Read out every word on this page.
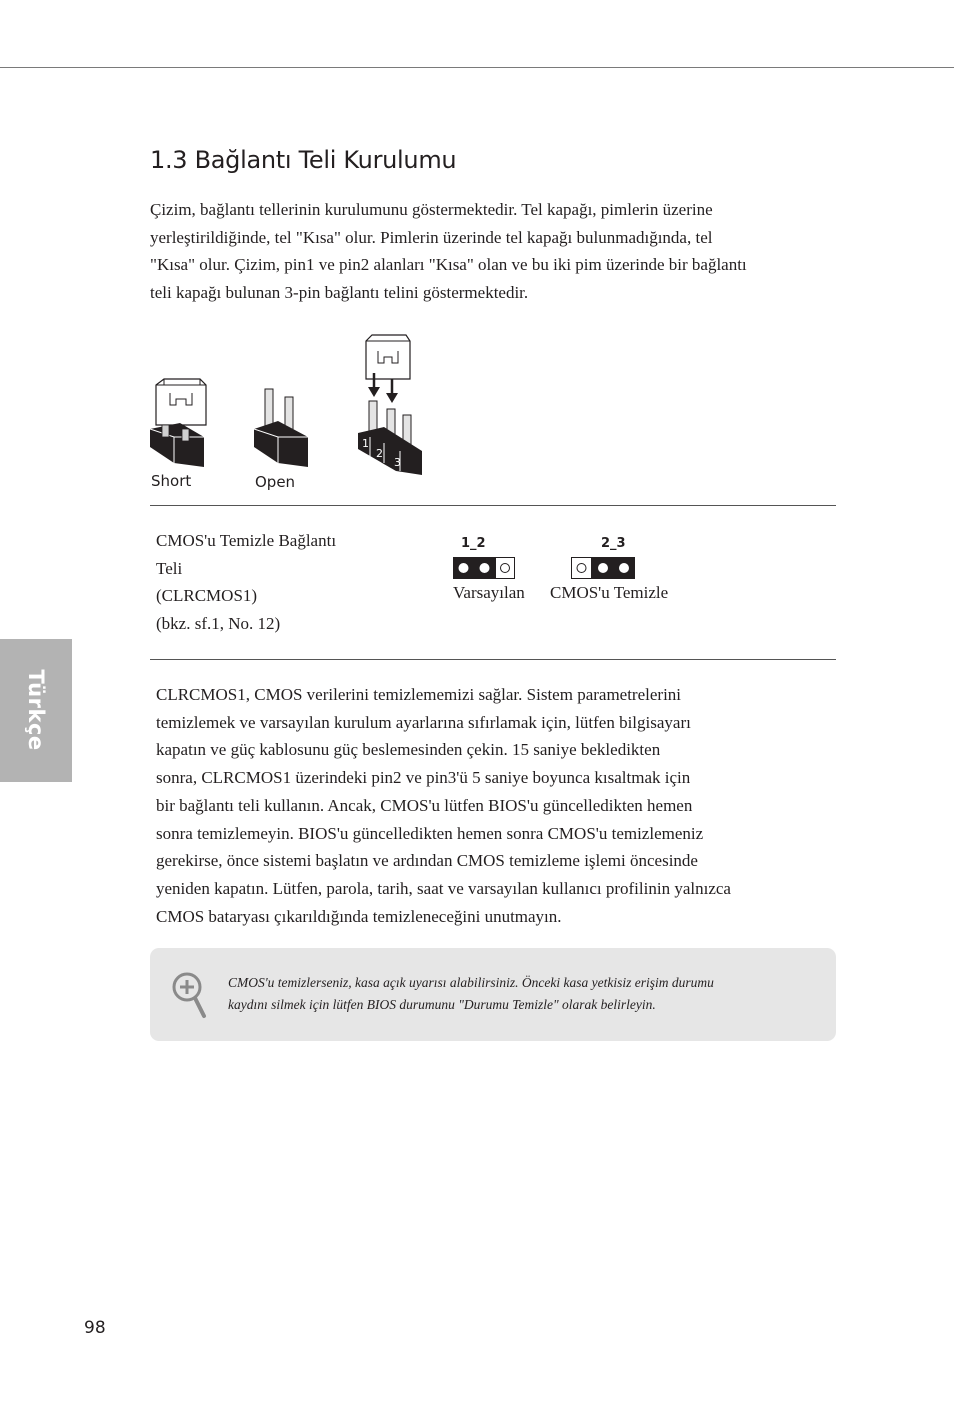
Türkçe
1.3 Bağlantı Teli Kurulumu
Çizim, bağlantı tellerinin kurulumunu göstermektedir. Tel kapağı, pimlerin üzerine
yerleştirildiğinde, tel "Kısa" olur. Pimlerin üzerinde tel kapağı bulunmadığında, tel
"Kısa" olur. Çizim, pin1 ve pin2 alanları "Kısa" olan ve bu iki pim üzerinde bir bağlantı
teli kapağı bulunan 3-pin bağlantı telini göstermektedir.
1
2
3
Short	Open
CMOS'u Temizle Bağlantı
Teli
(CLRCMOS1)
(bkz. sf.1, No. 12)
1_2
Varsayılan
2_3
CMOS'u Temizle
CLRCMOS1, CMOS verilerini temizlememizi sağlar. Sistem parametrelerini
temizlemek ve varsayılan kurulum ayarlarına sıfırlamak için, lütfen bilgisayarı
kapatın ve güç kablosunu güç beslemesinden çekin. 15 saniye bekledikten
sonra, CLRCMOS1 üzerindeki pin2 ve pin3'ü 5 saniye boyunca kısaltmak için
bir bağlantı teli kullanın. Ancak, CMOS'u lütfen BIOS'u güncelledikten hemen
sonra temizlemeyin. BIOS'u güncelledikten hemen sonra CMOS'u temizlemeniz
gerekirse, önce sistemi başlatın ve ardından CMOS temizleme işlemi öncesinde
yeniden kapatın. Lütfen, parola, tarih, saat ve varsayılan kullanıcı profilinin yalnızca
CMOS bataryası çıkarıldığında temizleneceğini unutmayın.
CMOS'u temizlerseniz, kasa açık uyarısı alabilirsiniz. Önceki kasa yetkisiz erişim durumu
kaydını silmek için lütfen BIOS durumunu "Durumu Temizle" olarak belirleyin.
98
